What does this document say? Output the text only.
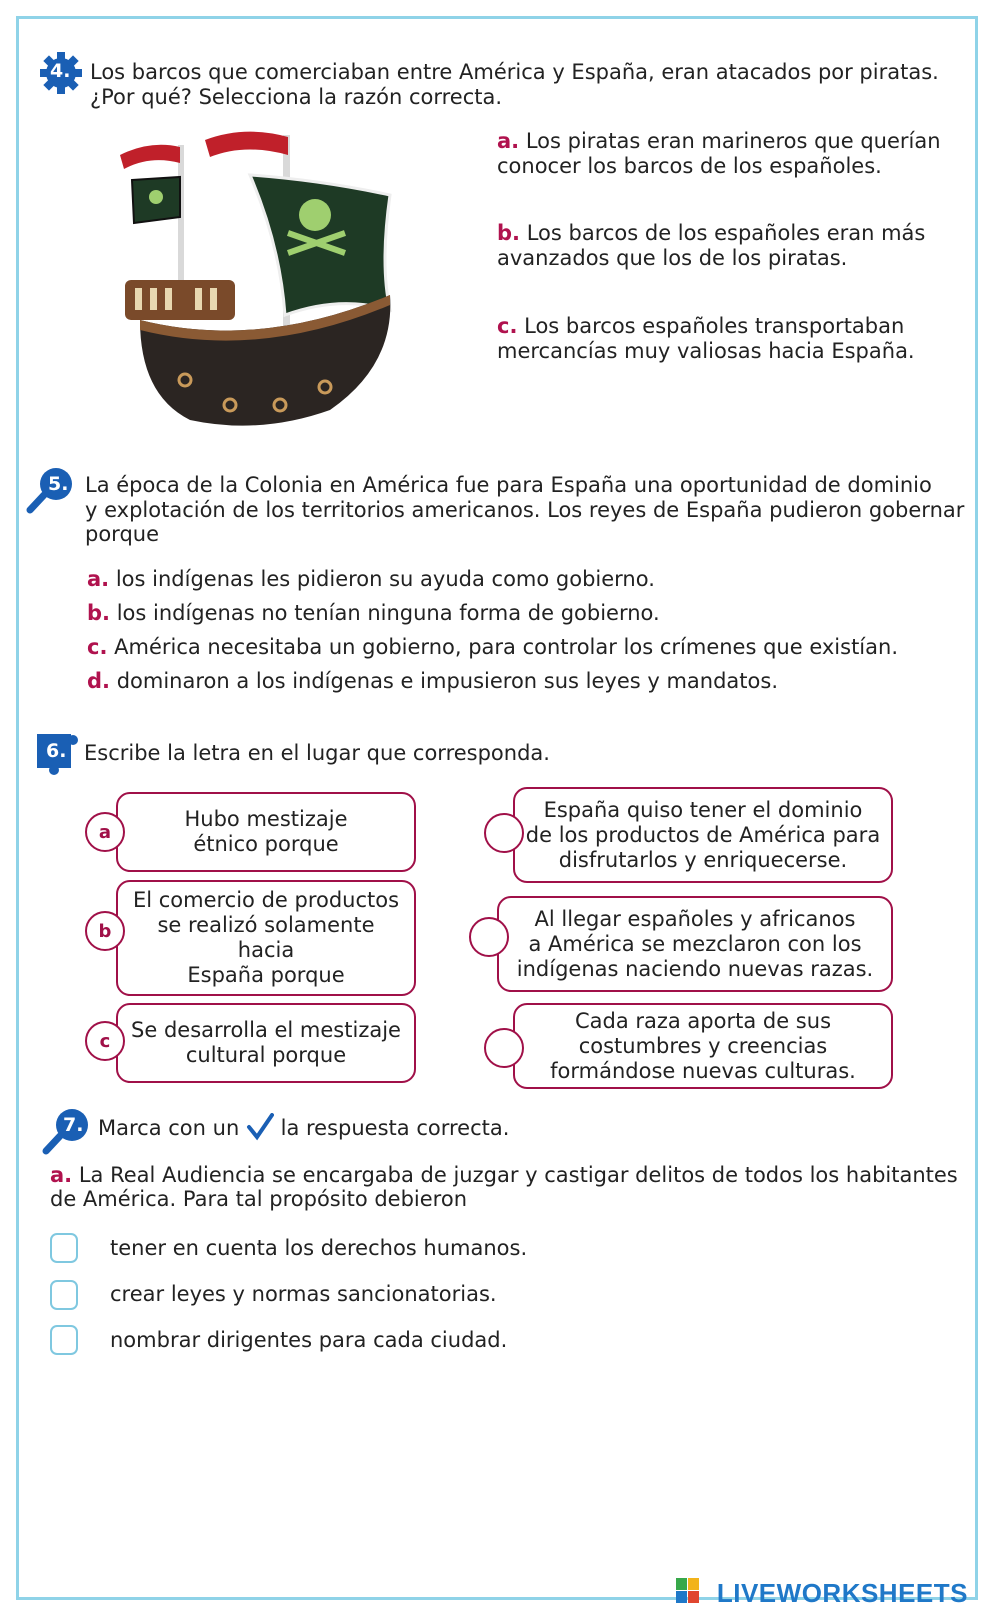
4. Los barcos que comerciaban entre América y España, eran atacados por piratas.
¿Por qué? Selecciona la razón correcta.
a. Los piratas eran marineros que querían
conocer los barcos de los españoles.
b. Los barcos de los españoles eran más
avanzados que los de los piratas.
c. Los barcos españoles transportaban
mercancías muy valiosas hacia España.
5. La época de la Colonia en América fue para España una oportunidad de dominio
y explotación de los territorios americanos. Los reyes de España pudieron gobernar
porque
a. los indígenas les pidieron su ayuda como gobierno.
b. los indígenas no tenían ninguna forma de gobierno.
c. América necesitaba un gobierno, para controlar los crímenes que existían.
d. dominaron a los indígenas e impusieron sus leyes y mandatos.
6. Escribe la letra en el lugar que corresponda.
Hubo mestizaje
étnico porque
a
El comercio de productos
se realizó solamente hacia
España porque
b
Se desarrolla el mestizaje
cultural porque
c
España quiso tener el dominio
de los productos de América para
disfrutarlos y enriquecerse.
Al llegar españoles y africanos
a América se mezclaron con los
indígenas naciendo nuevas razas.
Cada raza aporta de sus
costumbres y creencias
formándose nuevas culturas.
7. Marca con un la respuesta correcta.
a. La Real Audiencia se encargaba de juzgar y castigar delitos de todos los habitantes
de América. Para tal propósito debieron
tener en cuenta los derechos humanos.
crear leyes y normas sancionatorias.
nombrar dirigentes para cada ciudad.
LIVEWORKSHEETS
